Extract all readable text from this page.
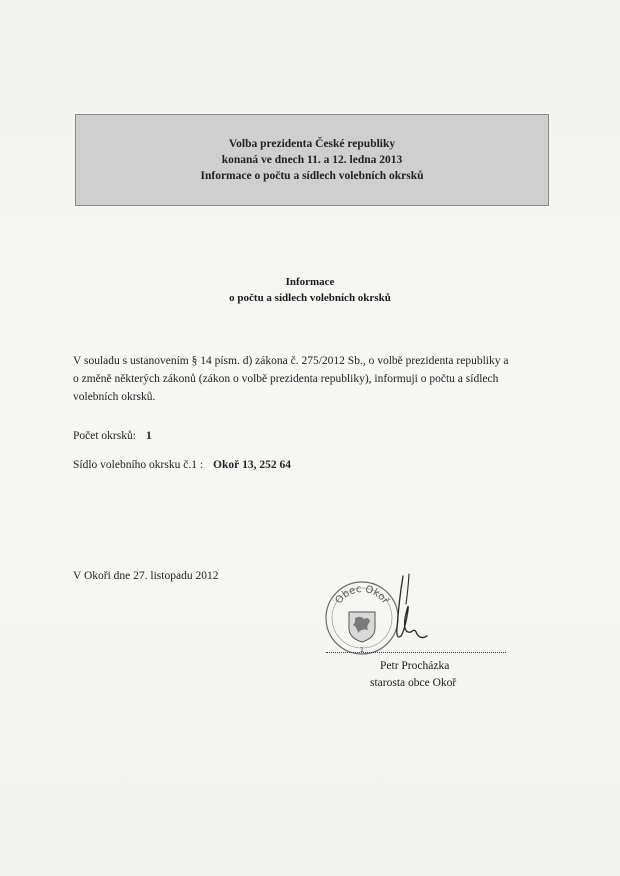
Volba prezidenta České republiky
konaná ve dnech 11. a 12. ledna 2013
Informace o počtu a sídlech volebních okrsků
Informace
o počtu a sídlech volebních okrsků
V souladu s ustanovením § 14 písm. d) zákona č. 275/2012 Sb., o volbě prezidenta republiky a
o změně některých zákonů (zákon o volbě prezidenta republiky), informuji o počtu a sídlech
volebních okrsků.
Počet okrsků: 1
Sídlo volebního okrsku č.1 : Okoř 13, 252 64
V Okoři dne 27. listopadu 2012
Obec Okoř
1
Petr Procházka
starosta obce Okoř
